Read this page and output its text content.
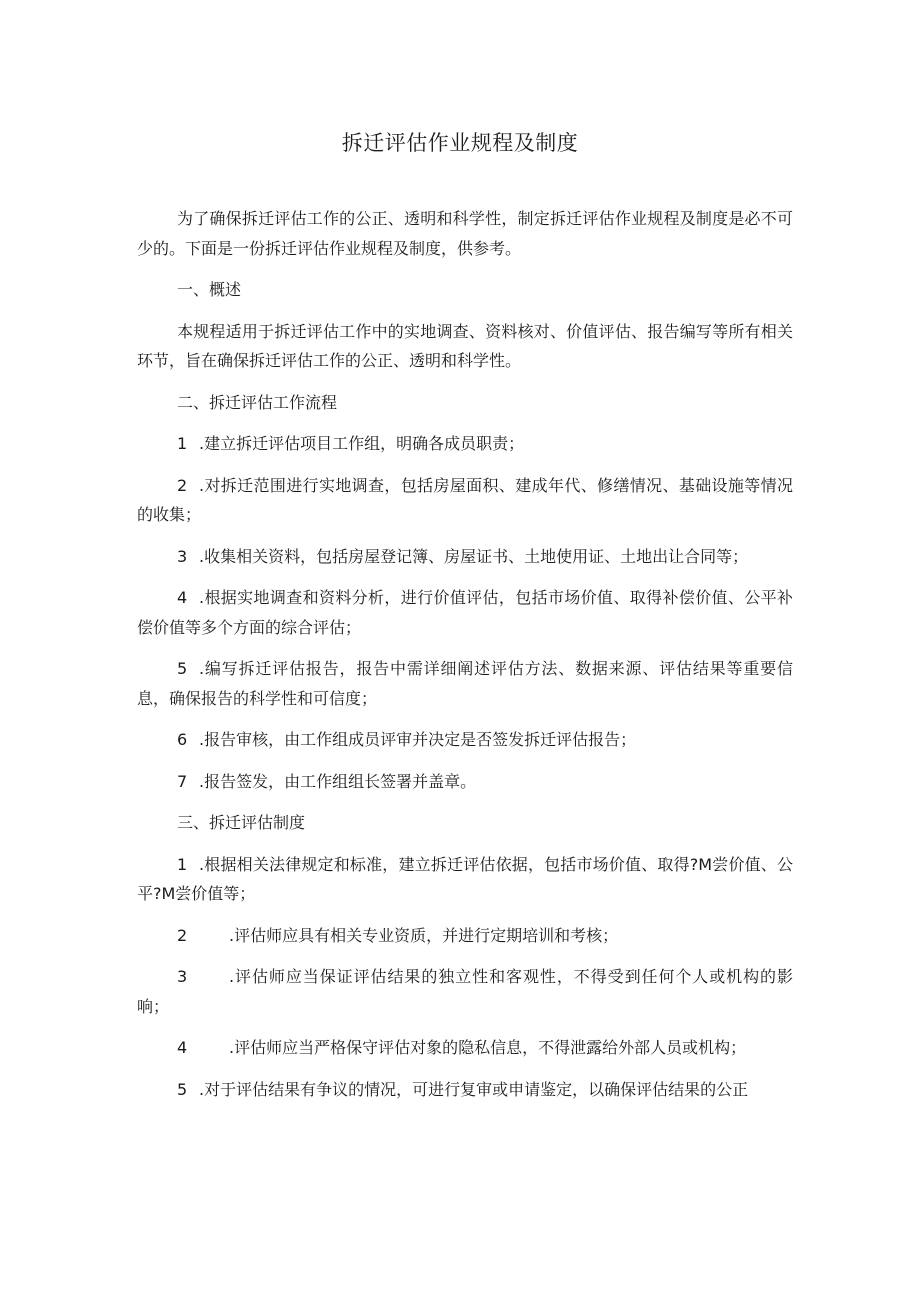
拆迁评估作业规程及制度

为了确保拆迁评估工作的公正、透明和科学性，制定拆迁评估作业规程及制度是必不可少的。下面是一份拆迁评估作业规程及制度，供参考。

一、概述

本规程适用于拆迁评估工作中的实地调查、资料核对、价值评估、报告编写等所有相关环节，旨在确保拆迁评估工作的公正、透明和科学性。

二、拆迁评估工作流程

1 .建立拆迁评估项目工作组，明确各成员职责；

2 .对拆迁范围进行实地调查，包括房屋面积、建成年代、修缮情况、基础设施等情况的收集；

3 .收集相关资料，包括房屋登记簿、房屋证书、土地使用证、土地出让合同等；

4 .根据实地调查和资料分析，进行价值评估，包括市场价值、取得补偿价值、公平补偿价值等多个方面的综合评估；

5 .编写拆迁评估报告，报告中需详细阐述评估方法、数据来源、评估结果等重要信息，确保报告的科学性和可信度；

6 .报告审核，由工作组成员评审并决定是否签发拆迁评估报告；

7 .报告签发，由工作组组长签署并盖章。

三、拆迁评估制度

1 .根据相关法律规定和标准，建立拆迁评估依据，包括市场价值、取得?M尝价值、公平?M尝价值等；

2	.评估师应具有相关专业资质，并进行定期培训和考核；

3	.评估师应当保证评估结果的独立性和客观性，不得受到任何个人或机构的影响；

4	.评估师应当严格保守评估对象的隐私信息，不得泄露给外部人员或机构；

5 .对于评估结果有争议的情况，可进行复审或申请鉴定，以确保评估结果的公正
